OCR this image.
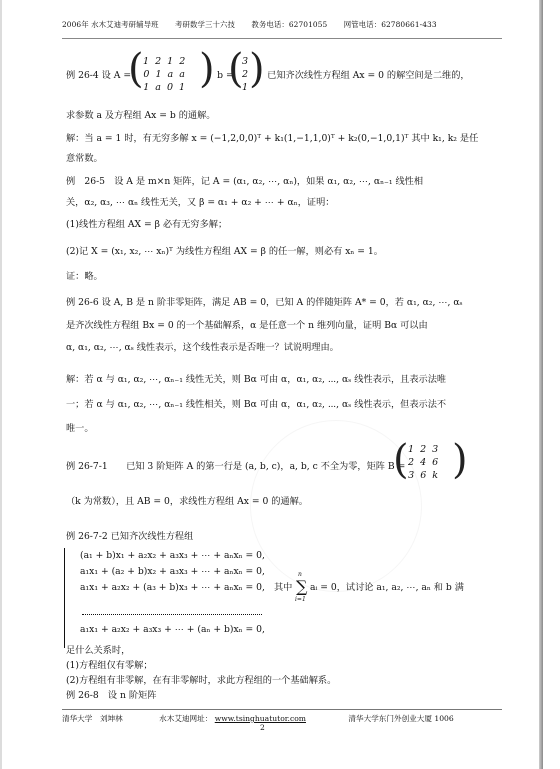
2006年 水木艾迪考研辅导班 考研数学三十六技 教务电话：62701055 网管电话：62780661-433
例 26-4 设 A =
( 1  2  1  2
0  1  a  a
1  a  0  1 )
，b =
(
3
2
1 )
，已知齐次线性方程组 Ax = 0 的解空间是二维的，
求参数 a 及方程组 Ax = b 的通解。
解：当 a = 1 时，有无穷多解 x = (−1,2,0,0)ᵀ + k₁(1,−1,1,0)ᵀ + k₂(0,−1,0,1)ᵀ 其中 k₁, k₂ 是任
意常数。
例　26-5　设 A 是 m×n 矩阵，记 A = (α₁, α₂, ⋯, αₙ)，如果 α₁, α₂, ⋯, αₙ₋₁ 线性相
关，α₂, α₃, ⋯ αₙ 线性无关，又 β = α₁ + α₂ + ⋯ + αₙ，证明：
(1)线性方程组 AX = β 必有无穷多解；
(2)记 X = (x₁, x₂, ⋯ xₙ)ᵀ 为线性方程组 AX = β 的任一解，则必有 xₙ = 1。
证：略。
例 26-6 设 A, B 是 n 阶非零矩阵，满足 AB = 0，已知 A 的伴随矩阵 A* = 0，若 α₁, α₂, ⋯, αₛ
是齐次线性方程组 Bx = 0 的一个基础解系，α 是任意一个 n 维列向量，证明 Bα 可以由
α, α₁, α₂, ⋯, αₛ 线性表示，这个线性表示是否唯一？试说明理由。
解：若 α 与 α₁, α₂, ⋯, αₙ₋₁ 线性无关，则 Bα 可由 α，α₁, α₂, ⋯, αₛ 线性表示，且表示法唯
一；若 α 与 α₁, α₂, ⋯, αₙ₋₁ 线性相关，则 Bα 可由 α，α₁, α₂, ⋯, αₛ 线性表示，但表示法不
唯一。
例 26-7-1　　已知 3 阶矩阵 A 的第一行是 (a, b, c)，a, b, c 不全为零，矩阵 B =
( 1  2  3
2  4  6
3  6  k )
（k 为常数），且 AB = 0，求线性方程组 Ax = 0 的通解。
例 26-7-2 已知齐次线性方程组
(a₁ + b)x₁ + a₂x₂ + a₃x₃ + ⋯ + aₙxₙ = 0,
a₁x₁ + (a₂ + b)x₂ + a₃x₃ + ⋯ + aₙxₙ = 0,
a₁x₁ + a₂x₂ + (a₃ + b)x₃ + ⋯ + aₙxₙ = 0, 其中
n
∑
i=1
aᵢ = 0，试讨论 a₁, a₂, ⋯, aₙ 和 b 满
a₁x₁ + a₂x₂ + a₃x₃ + ⋯ + (aₙ + b)xₙ = 0,
足什么关系时，
(1)方程组仅有零解；
(2)方程组有非零解，在有非零解时，求此方程组的一个基础解系。
例 26-8　设 n 阶矩阵
清华大学　刘坤林	水木艾迪网址： www.tsinghuatutor.com	清华大学东门外创业大厦 1006
2
